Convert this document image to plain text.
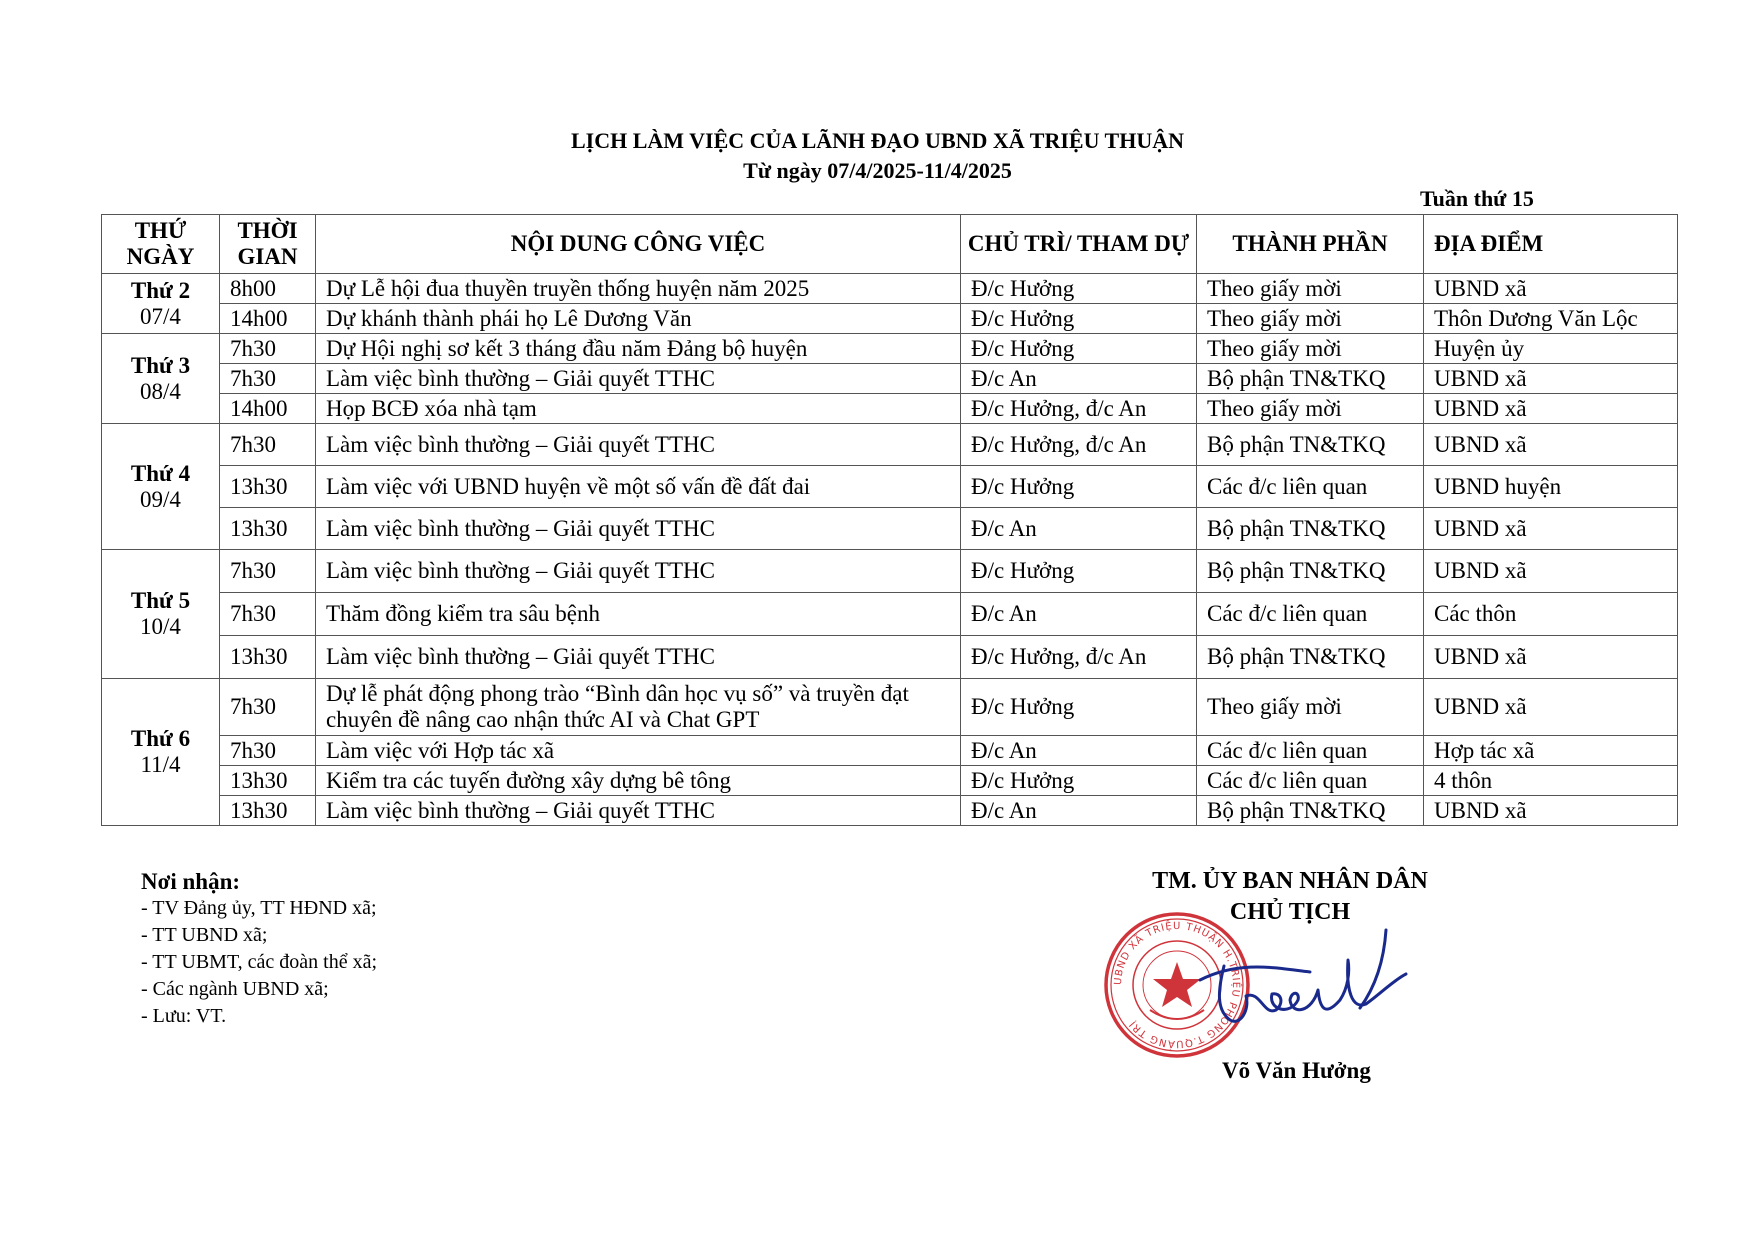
LỊCH LÀM VIỆC CỦA LÃNH ĐẠO UBND XÃ TRIỆU THUẬN
Từ ngày 07/4/2025-11/4/2025
Tuần thứ 15
THỨ NGÀY	THỜI GIAN	NỘI DUNG CÔNG VIỆC	CHỦ TRÌ/ THAM DỰ	THÀNH PHẦN	ĐỊA ĐIỂM

Thứ 2
07/4	8h00	Dự Lễ hội đua thuyền truyền thống huyện năm 2025	Đ/c Hưởng	Theo giấy mời	UBND xã
	14h00	Dự khánh thành phái họ Lê Dương Văn	Đ/c Hưởng	Theo giấy mời	Thôn Dương Văn Lộc

Thứ 3
08/4	7h30	Dự Hội nghị sơ kết 3 tháng đầu năm Đảng bộ huyện	Đ/c Hưởng	Theo giấy mời	Huyện ủy
	7h30	Làm việc bình thường – Giải quyết TTHC	Đ/c An	Bộ phận TN&TKQ	UBND xã
	14h00	Họp BCĐ xóa nhà tạm	Đ/c Hưởng, đ/c An	Theo giấy mời	UBND xã

Thứ 4
09/4	7h30	Làm việc bình thường – Giải quyết TTHC	Đ/c Hưởng, đ/c An	Bộ phận TN&TKQ	UBND xã
	13h30	Làm việc với UBND huyện về một số vấn đề đất đai	Đ/c Hưởng	Các đ/c liên quan	UBND huyện
	13h30	Làm việc bình thường – Giải quyết TTHC	Đ/c An	Bộ phận TN&TKQ	UBND xã

Thứ 5
10/4	7h30	Làm việc bình thường – Giải quyết TTHC	Đ/c Hưởng	Bộ phận TN&TKQ	UBND xã
	7h30	Thăm đồng kiểm tra sâu bệnh	Đ/c An	Các đ/c liên quan	Các thôn
	13h30	Làm việc bình thường – Giải quyết TTHC	Đ/c Hưởng, đ/c An	Bộ phận TN&TKQ	UBND xã

Thứ 6
11/4	7h30	Dự lễ phát động phong trào “Bình dân học vụ số” và truyền đạt chuyên đề nâng cao nhận thức AI và Chat GPT	Đ/c Hưởng	Theo giấy mời	UBND xã
	7h30	Làm việc với Hợp tác xã	Đ/c An	Các đ/c liên quan	Hợp tác xã
	13h30	Kiểm tra các tuyến đường xây dựng bê tông	Đ/c Hưởng	Các đ/c liên quan	4 thôn
	13h30	Làm việc bình thường – Giải quyết TTHC	Đ/c An	Bộ phận TN&TKQ	UBND xã
Nơi nhận:
- TV Đảng ủy, TT HĐND xã;
- TT UBND xã;
- TT UBMT, các đoàn thể xã;
- Các ngành UBND xã;
- Lưu: VT.
TM. ỦY BAN NHÂN DÂN
CHỦ TỊCH
UBND XÃ TRIỆU THUẬN H.TRIỆU PHONG T.QUẢNG TRỊ
Võ Văn Hưởng
